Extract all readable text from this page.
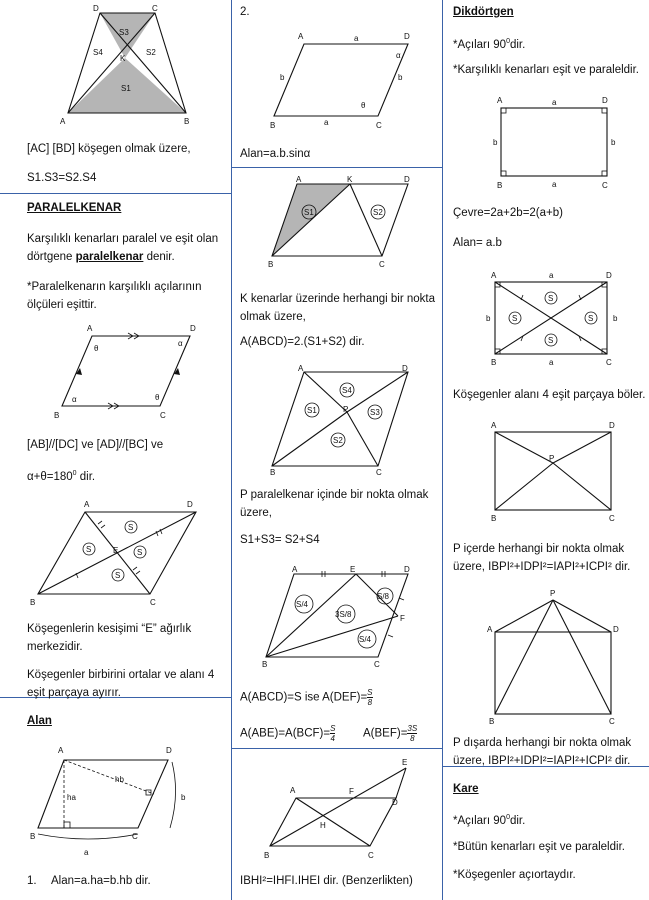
D	C
A	B
K
S3
S4	S2
S1
[AC] [BD] köşegen olmak üzere,
S1.S3=S2.S4
PARALELKENAR
Karşılıklı kenarları paralel ve eşit olan dörtgene paralelkenar denir.
*Paralelkenarın karşılıklı açılarının ölçüleri eşittir.
A	D
B	C
θ
α
α	θ
[AB]//[DC] ve [AD]//[BC] ve
$\alpha+\theta=180^0$ dir.
A	D
B	C
E
S
S	S
S
Köşegenlerin kesişimi “E” ağırlık merkezidir.
Köşegenler birbirini ortalar ve alanı 4 eşit parçaya ayırır.
Alan
A	D
B	C
ha
hb
a
b
1. Alan=a.ha=b.hb dir.
2.
A	D
B	C
a
a
b	b
α
θ
Alan=a.b.sinα
A	K	D
B	C
S1	S2
K kenarlar üzerinde herhangi bir nokta olmak üzere,
A(ABCD)=2.(S1+S2) dir.
A	D
B	C
P
S4
S1	S3
S2
P paralelkenar içinde bir nokta olmak üzere,
S1+S3= S2+S4
A	E	D
F
B	C
S/4
3S/8
S/8
S/4
A(ABCD)=S ise $A(DEF)= \frac{S}{8}$
$A(ABE)=A(BCF)= \frac{S}{4} A(BEF)= \frac{3S}{8}$
A	F
D
E
H
B	C
IBHI²=IHFI.IHEI dir. (Benzerlikten)
Dikdörtgen
*Açıları $90^0dir$.
*Karşılıklı kenarları eşit ve paraleldir.
A	D
B	C
a
a
b	b
Çevre=2a+2b=2(a+b)
Alan= a.b
S
S	S
S
A	D
B	C
a
a
b	b
Köşegenler alanı 4 eşit parçaya böler.
A	D
B	C
P
P içerde herhangi bir nokta olmak üzere, IBPI²+IDPI²=IAPI²+ICPI² dir.
P
A	D
B	C
P dışarda herhangi bir nokta olmak üzere, IBPI²+IDPI²=IAPI²+ICPI² dir.
Kare
*Açıları $90^0dir$.
*Bütün kenarları eşit ve paraleldir.
*Köşegenler açıortaydır.
